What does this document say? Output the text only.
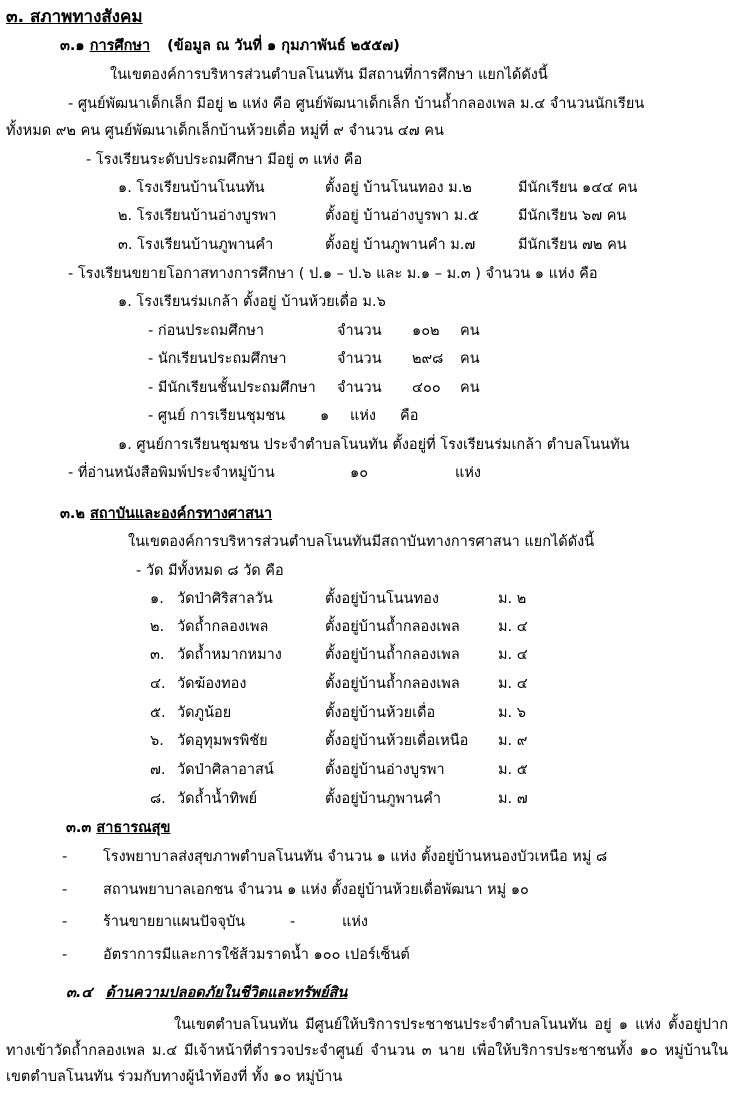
๓. สภาพทางสังคม
๓.๑ การศึกษา (ข้อมูล ณ วันที่ ๑ กุมภาพันธ์ ๒๕๕๗)
ในเขตองค์การบริหารส่วนตำบลโนนทัน มีสถานที่การศึกษา แยกได้ดังนี้
- ศูนย์พัฒนาเด็กเล็ก มีอยู่ ๒ แห่ง คือ ศูนย์พัฒนาเด็กเล็ก บ้านถ้ำกลองเพล ม.๔ จำนวนนักเรียน
ทั้งหมด ๙๒ คน ศูนย์พัฒนาเด็กเล็กบ้านห้วยเดื่อ หมู่ที่ ๙ จำนวน ๔๗ คน
- โรงเรียนระดับประถมศึกษา มีอยู่ ๓ แห่ง คือ
๑. โรงเรียนบ้านโนนทัน	ตั้งอยู่ บ้านโนนทอง ม.๒	มีนักเรียน ๑๔๔ คน
๒. โรงเรียนบ้านอ่างบูรพา	ตั้งอยู่ บ้านอ่างบูรพา ม.๕	มีนักเรียน ๖๗ คน
๓. โรงเรียนบ้านภูพานคำ	ตั้งอยู่ บ้านภูพานคำ ม.๗	มีนักเรียน ๗๒ คน
- โรงเรียนขยายโอกาสทางการศึกษา ( ป.๑ – ป.๖ และ ม.๑ – ม.๓ ) จำนวน ๑ แห่ง คือ
๑. โรงเรียนร่มเกล้า ตั้งอยู่ บ้านห้วยเดื่อ ม.๖
- ก่อนประถมศึกษา	จำนวน ๑๐๒ คน
- นักเรียนประถมศึกษา	จำนวน ๒๙๘ คน
- มีนักเรียนชั้นประถมศึกษา จำนวน ๔๐๐ คน
- ศูนย์ การเรียนชุมชน ๑ แห่ง คือ
๑. ศูนย์การเรียนชุมชน ประจำตำบลโนนทัน ตั้งอยู่ที่ โรงเรียนร่มเกล้า ตำบลโนนทัน
- ที่อ่านหนังสือพิมพ์ประจำหมู่บ้าน	๑๐	แห่ง
๓.๒ สถาบันและองค์กรทางศาสนา
ในเขตองค์การบริหารส่วนตำบลโนนทันมีสถาบันทางการศาสนา แยกได้ดังนี้
- วัด มีทั้งหมด ๘ วัด คือ
๑. วัดป่าศิริสาลวัน	ตั้งอยู่บ้านโนนทอง	ม. ๒
๒. วัดถ้ำกลองเพล	ตั้งอยู่บ้านถ้ำกลองเพล	ม. ๔
๓. วัดถ้ำหมากหมาง	ตั้งอยู่บ้านถ้ำกลองเพล	ม. ๔
๔. วัดฆ้องทอง	ตั้งอยู่บ้านถ้ำกลองเพล	ม. ๔
๕. วัดภูน้อย	ตั้งอยู่บ้านห้วยเดื่อ	ม. ๖
๖. วัดอุทุมพรพิชัย	ตั้งอยู่บ้านห้วยเดื่อเหนือ ม. ๙
๗. วัดป่าศิลาอาสน์	ตั้งอยู่บ้านอ่างบูรพา	ม. ๕
๘. วัดถ้ำน้ำทิพย์	ตั้งอยู่บ้านภูพานคำ	ม. ๗
๓.๓ สาธารณสุข
- โรงพยาบาลส่งสุขภาพตำบลโนนทัน จำนวน ๑ แห่ง ตั้งอยู่บ้านหนองบัวเหนือ หมู่ ๘
- สถานพยาบาลเอกชน จำนวน ๑ แห่ง ตั้งอยู่บ้านห้วยเดื่อพัฒนา หมู่ ๑๐
- ร้านขายยาแผนปัจจุบัน	-	แห่ง
- อัตราการมีและการใช้ส้วมราดน้ำ ๑๐๐ เปอร์เซ็นต์
๓.๔ ด้านความปลอดภัยในชีวิตและทรัพย์สิน
ในเขตตำบลโนนทัน มีศูนย์ให้บริการประชาชนประจำตำบลโนนทัน อยู่ ๑ แห่ง ตั้งอยู่ปากทางเข้าวัดถ้ำกลองเพล ม.๔ มีเจ้าหน้าที่ตำรวจประจำศูนย์ จำนวน ๓ นาย เพื่อให้บริการประชาชนทั้ง ๑๐ หมู่บ้านในเขตตำบลโนนทัน ร่วมกับทางผู้นำท้องที่ ทั้ง ๑๐ หมู่บ้าน
